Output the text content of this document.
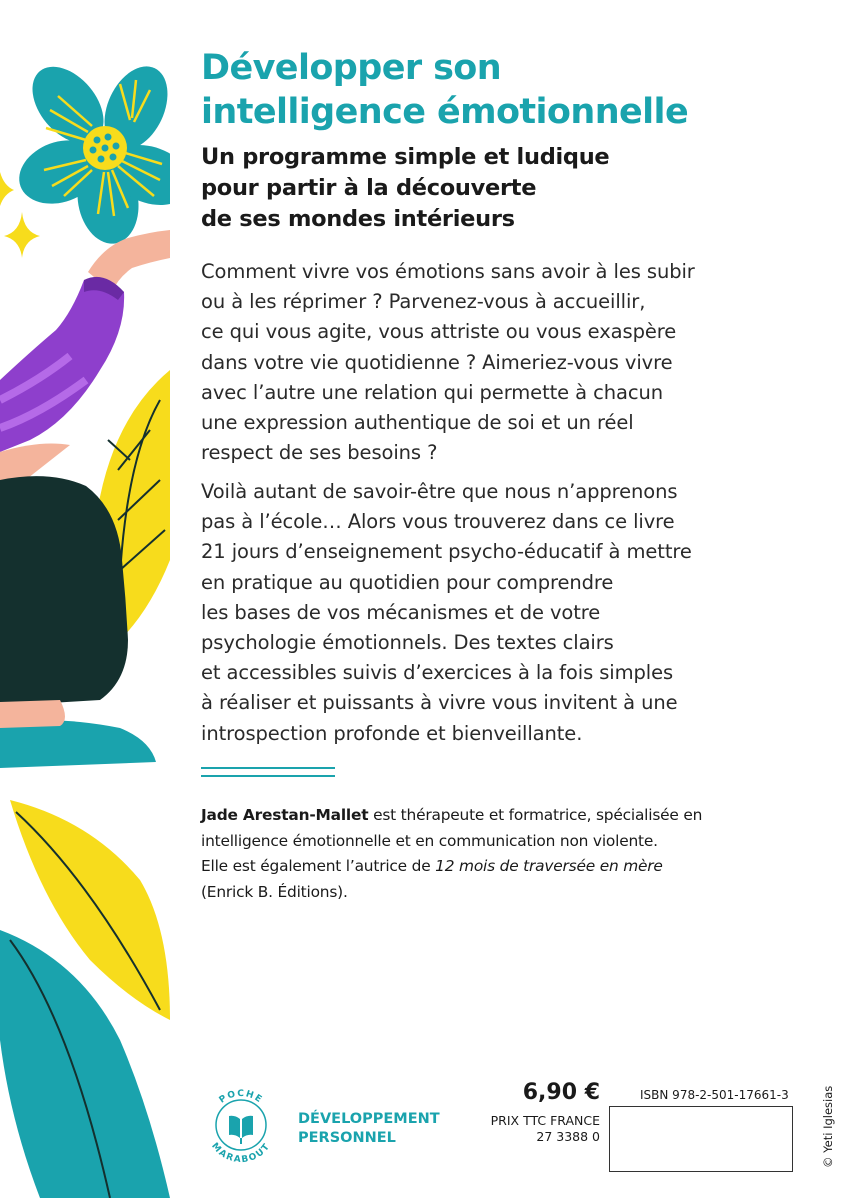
Développer son
intelligence émotionnelle
Un programme simple et ludique
pour partir à la découverte
de ses mondes intérieurs
Comment vivre vos émotions sans avoir à les subir
ou à les réprimer ? Parvenez-vous à accueillir,
ce qui vous agite, vous attriste ou vous exaspère
dans votre vie quotidienne ? Aimeriez-vous vivre
avec l’autre une relation qui permette à chacun
une expression authentique de soi et un réel
respect de ses besoins ?
Voilà autant de savoir-être que nous n’apprenons
pas à l’école… Alors vous trouverez dans ce livre
21 jours d’enseignement psycho-éducatif à mettre
en pratique au quotidien pour comprendre
les bases de vos mécanismes et de votre
psychologie émotionnels. Des textes clairs
et accessibles suivis d’exercices à la fois simples
à réaliser et puissants à vivre vous invitent à une
introspection profonde et bienveillante.
Jade Arestan-Mallet est thérapeute et formatrice, spécialisée en
intelligence émotionnelle et en communication non violente.
Elle est également l’autrice de 12 mois de traversée en mère
(Enrick B. Éditions).
POCHE
MARABOUT
DÉVELOPPEMENT
PERSONNEL
6,90 €
PRIX TTC FRANCE
27 3388 0
ISBN 978-2-501-17661-3	© Yeti Iglesias
